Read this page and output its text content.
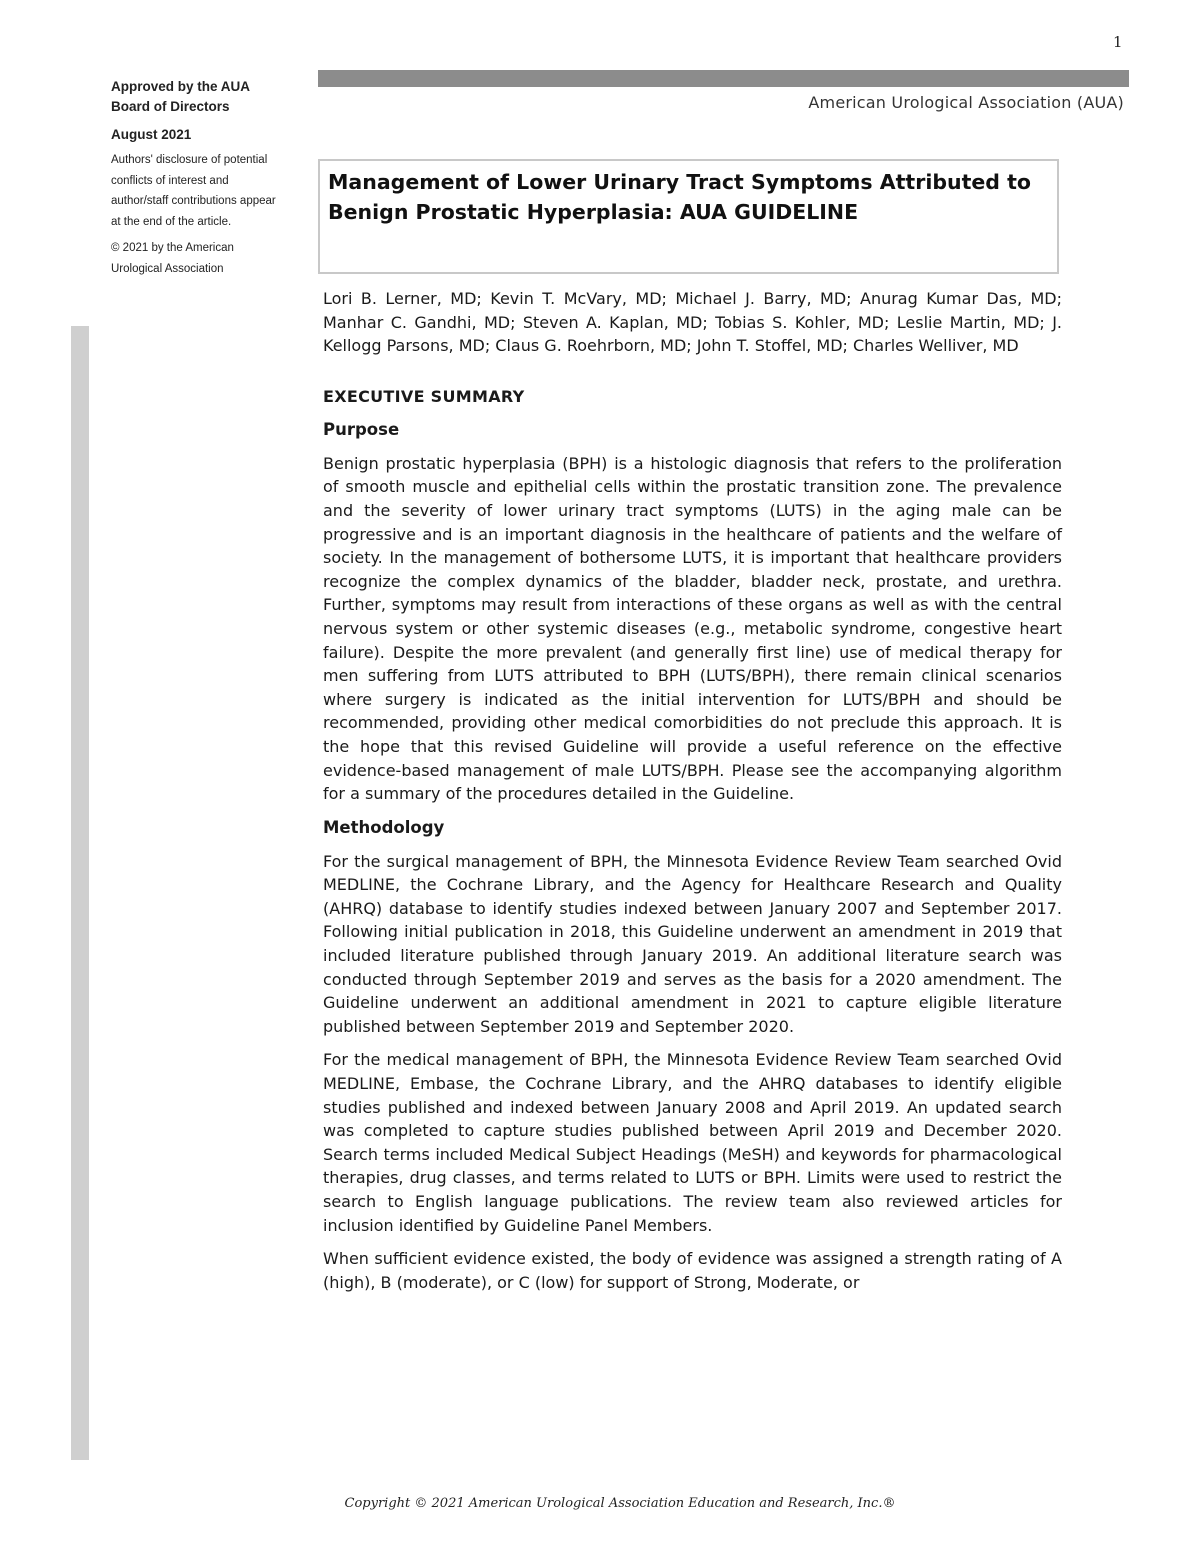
1
American Urological Association (AUA)

Approved by the AUA Board of Directors

August 2021

Authors' disclosure of potential conflicts of interest and author/staff contributions appear at the end of the article.

© 2021 by the American Urological Association

Management of Lower Urinary Tract Symptoms Attributed to Benign Prostatic Hyperplasia: AUA GUIDELINE

Lori B. Lerner, MD; Kevin T. McVary, MD; Michael J. Barry, MD; Anurag Kumar Das, MD; Manhar C. Gandhi, MD; Steven A. Kaplan, MD; Tobias S. Kohler, MD; Leslie Martin, MD; J. Kellogg Parsons, MD; Claus G. Roehrborn, MD; John T. Stoffel, MD; Charles Welliver, MD

EXECUTIVE SUMMARY
Purpose

Benign prostatic hyperplasia (BPH) is a histologic diagnosis that refers to the proliferation of smooth muscle and epithelial cells within the prostatic transition zone. The prevalence and the severity of lower urinary tract symptoms (LUTS) in the aging male can be progressive and is an important diagnosis in the healthcare of patients and the welfare of society. In the management of bothersome LUTS, it is important that healthcare providers recognize the complex dynamics of the bladder, bladder neck, prostate, and urethra. Further, symptoms may result from interactions of these organs as well as with the central nervous system or other systemic diseases (e.g., metabolic syndrome, congestive heart failure). Despite the more prevalent (and generally first line) use of medical therapy for men suffering from LUTS attributed to BPH (LUTS/BPH), there remain clinical scenarios where surgery is indicated as the initial intervention for LUTS/BPH and should be recommended, providing other medical comorbidities do not preclude this approach. It is the hope that this revised Guideline will provide a useful reference on the effective evidence-based management of male LUTS/BPH. Please see the accompanying algorithm for a summary of the procedures detailed in the Guideline.

Methodology

For the surgical management of BPH, the Minnesota Evidence Review Team searched Ovid MEDLINE, the Cochrane Library, and the Agency for Healthcare Research and Quality (AHRQ) database to identify studies indexed between January 2007 and September 2017. Following initial publication in 2018, this Guideline underwent an amendment in 2019 that included literature published through January 2019. An additional literature search was conducted through September 2019 and serves as the basis for a 2020 amendment. The Guideline underwent an additional amendment in 2021 to capture eligible literature published between September 2019 and September 2020.

For the medical management of BPH, the Minnesota Evidence Review Team searched Ovid MEDLINE, Embase, the Cochrane Library, and the AHRQ databases to identify eligible studies published and indexed between January 2008 and April 2019. An updated search was completed to capture studies published between April 2019 and December 2020. Search terms included Medical Subject Headings (MeSH) and keywords for pharmacological therapies, drug classes, and terms related to LUTS or BPH. Limits were used to restrict the search to English language publications. The review team also reviewed articles for inclusion identified by Guideline Panel Members.

When sufficient evidence existed, the body of evidence was assigned a strength rating of A (high), B (moderate), or C (low) for support of Strong, Moderate, or

Copyright © 2021 American Urological Association Education and Research, Inc.®
